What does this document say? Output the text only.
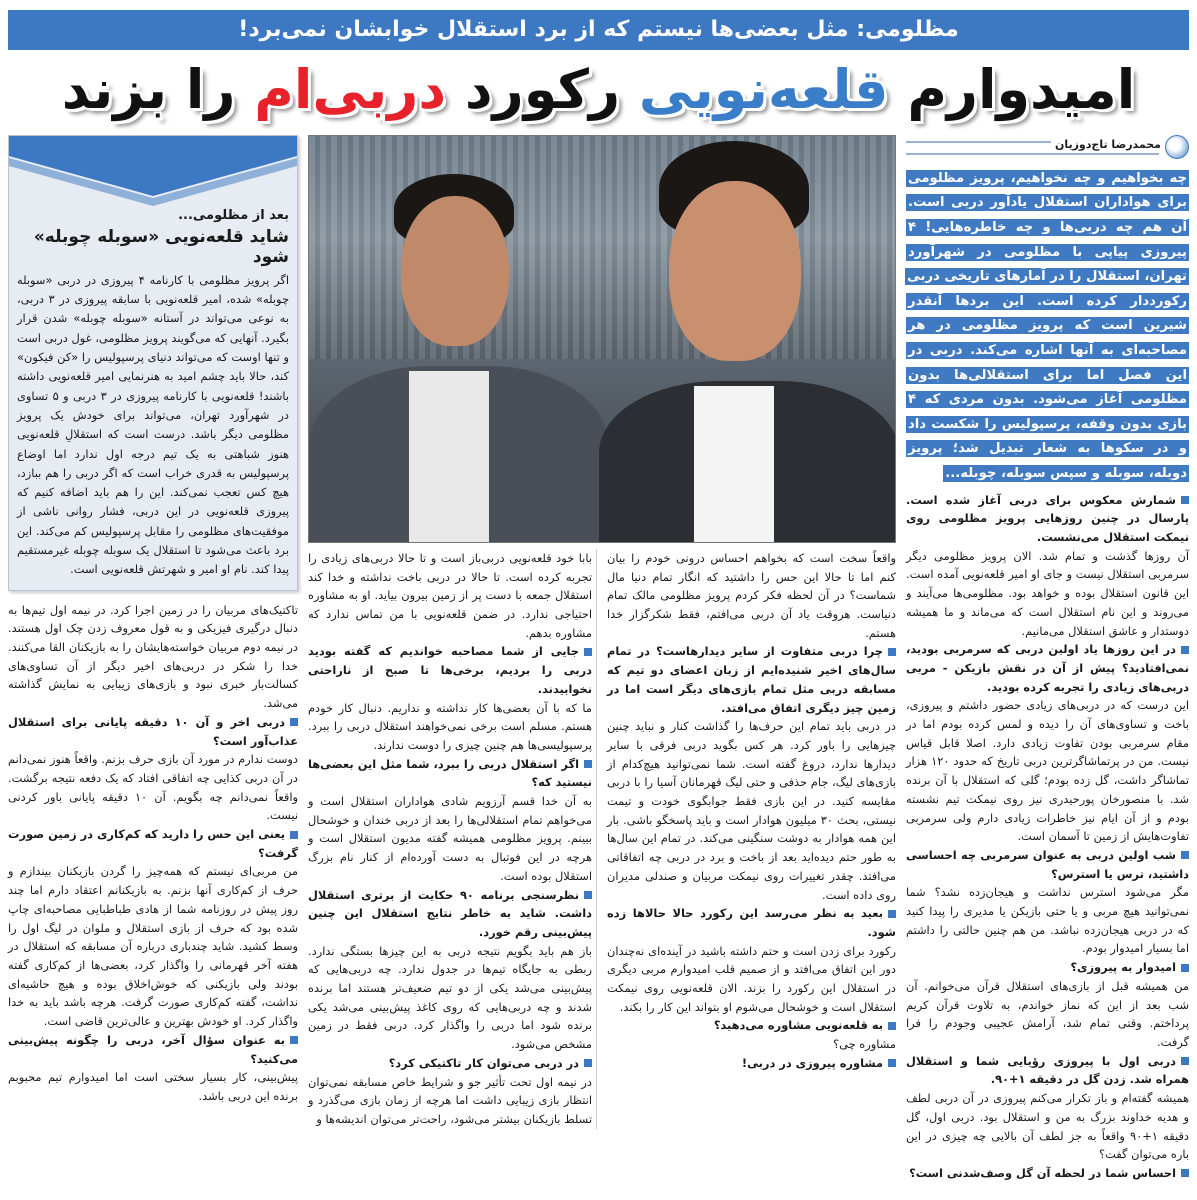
مظلومی: مثل بعضی‌ها نیستم که از برد استقلال خوابشان نمی‌برد!
امیدوارم قلعه‌نویی رکورد دربی‌ام را بزند
محمدرضا تاج‌دوزیان
چه بخواهیم و چه نخواهیم، پرویز مظلومی برای هواداران استقلال یادآور دربی است. آن هم چه دربی‌ها و چه خاطره‌هایی! ۴ پیروزی پیاپی با مظلومی در شهرآورد تهران، استقلال را در آمارهای تاریخی دربی رکورددار کرده است. این بردها آنقدر شیرین است که پرویز مظلومی در هر مصاحبه‌ای به آنها اشاره می‌کند. دربی در این فصل اما برای استقلالی‌ها بدون مظلومی آغاز می‌شود. بدون مردی که ۴ بازی بدون وقفه، پرسپولیس را شکست داد و در سکوها به شعار تبدیل شد؛ پرویز دوبله، سوبله و سپس سوبله، چوبله...

شمارش معکوس برای دربی آغاز شده است. پارسال در چنین روزهایی پرویز مظلومی روی نیمکت استقلال می‌نشست.

آن روزها گذشت و تمام شد. الان پرویز مظلومی دیگر سرمربی استقلال نیست و جای او امیر قلعه‌نویی آمده است. این قانون استقلال بوده و خواهد بود. مظلومی‌ها می‌آیند و می‌روند و این نام استقلال است که می‌ماند و ما همیشه دوستدار و عاشق استقلال می‌مانیم.

در این روزها یاد اولین دربی که سرمربی بودید، نمی‌افتادید؟ پیش از آن در نقش بازیکن - مربی دربی‌های زیادی را تجربه کرده بودید.

این درست که در دربی‌های زیادی حضور داشتم و پیروزی، باخت و تساوی‌های آن را دیده و لمس کرده بودم اما در مقام سرمربی بودن تفاوت زیادی دارد. اصلا قابل قیاس نیست. من در پرتماشاگرترین دربی تاریخ که حدود ۱۲۰ هزار تماشاگر داشت، گل زده بودم؛ گلی که استقلال با آن برنده شد. با منصورخان پورحیدری نیز روی نیمکت تیم نشسته بودم و از آن ایام نیز خاطرات زیادی دارم ولی سرمربی تفاوت‌هایش از زمین تا آسمان است.

شب اولین دربی به عنوان سرمربی چه احساسی داشتید، ترس یا استرس؟

مگر می‌شود استرس نداشت و هیجان‌زده نشد؟ شما نمی‌توانید هیچ مربی و یا حتی بازیکن یا مدیری را پیدا کنید که در دربی هیجان‌زده نباشد. من هم چنین حالتی را داشتم اما بسیار امیدوار بودم.

امیدوار به پیروزی؟

من همیشه قبل از بازی‌های استقلال قرآن می‌خوانم. آن شب بعد از این که نماز خواندم، به تلاوت قرآن کریم پرداختم. وقتی تمام شد، آرامش عجیبی وجودم را فرا گرفت.

دربی اول با پیروزی رؤیایی شما و استقلال همراه شد. زدن گل در دقیقه ۱+۹۰.

همیشه گفته‌ام و باز تکرار می‌کنم پیروزی در آن دربی لطف و هدیه خداوند بزرگ به من و استقلال بود. دربی اول، گل دقیقه ۱+۹۰ واقعاً به جز لطف آن بالایی چه چیزی در این باره می‌توان گفت؟

احساس شما در لحظه آن گل وصف‌شدنی است؟

واقعاً سخت است که بخواهم احساس درونی خودم را بیان کنم اما تا حالا این حس را داشتید که انگار تمام دنیا مال شماست؟ در آن لحظه فکر کردم پرویز مظلومی مالک تمام دنیاست. هروقت یاد آن دربی می‌افتم، فقط شکرگزار خدا هستم.

چرا دربی متفاوت از سایر دیدارهاست؟ در تمام سال‌های اخیر شنیده‌ایم از زبان اعضای دو تیم که مسابقه دربی مثل تمام بازی‌های دیگر است اما در زمین چیز دیگری اتفاق می‌افتد.

در دربی باید تمام این حرف‌ها را گذاشت کنار و نباید چنین چیزهایی را باور کرد. هر کس بگوید دربی فرقی با سایر دیدارها ندارد، دروغ گفته است. شما نمی‌توانید هیچ‌کدام از بازی‌های لیگ، جام حذفی و حتی لیگ قهرمانان آسیا را با دربی مقایسه کنید. در این بازی فقط جوابگوی خودت و تیمت نیستی، بحث ۳۰ میلیون هوادار است و باید پاسخگو باشی. بار این همه هوادار به دوشت سنگینی می‌کند. در تمام این سال‌ها به طور حتم دیده‌اید بعد از باخت و برد در دربی چه اتفاقاتی می‌افتد. چقدر تغییرات روی نیمکت مربیان و صندلی مدیران روی داده است.

بعید به نظر می‌رسد این رکورد حالا حالاها زده شود.

رکورد برای زدن است و حتم داشته باشید در آینده‌ای نه‌چندان دور این اتفاق می‌افتد و از صمیم قلب امیدوارم مربی دیگری در استقلال این رکورد را بزند. الان قلعه‌نویی روی نیمکت استقلال است و خوشحال می‌شوم او بتواند این کار را بکند.

به قلعه‌نویی مشاوره می‌دهید؟

مشاوره چی؟

مشاوره پیروزی در دربی!

بابا خود قلعه‌نویی دربی‌باز است و تا حالا دربی‌های زیادی را تجربه کرده است. تا حالا در دربی باخت نداشته و خدا کند استقلال جمعه با دست پر از زمین بیرون بیاید. او به مشاوره احتیاجی ندارد. در ضمن قلعه‌نویی با من تماس ندارد که مشاوره بدهم.

جایی از شما مصاحبه خواندیم که گفته بودید دربی را بردیم، برخی‌ها تا صبح از ناراحتی نخوابیدند.

ما که با آن بعضی‌ها کار نداشته و نداریم. دنبال کار خودم هستم. مسلم است برخی نمی‌خواهند استقلال دربی را ببرد. پرسپولیسی‌ها هم چنین چیزی را دوست ندارند.

اگر استقلال دربی را ببرد، شما مثل این بعضی‌ها نیستید که؟

به آن خدا قسم آرزویم شادی هواداران استقلال است و می‌خواهم تمام استقلالی‌ها را بعد از دربی خندان و خوشحال ببینم. پرویز مظلومی همیشه گفته مدیون استقلال است و هرچه در این فوتبال به دست آورده‌ام از کنار نام بزرگ استقلال بوده است.

نظرسنجی برنامه ۹۰ حکایت از برتری استقلال داشت. شاید به خاطر نتایج استقلال این چنین پیش‌بینی رقم خورد.

باز هم باید بگویم نتیجه دربی به این چیزها بستگی ندارد. ربطی به جایگاه تیم‌ها در جدول ندارد. چه دربی‌هایی که پیش‌بینی می‌شد یکی از دو تیم ضعیف‌تر هستند اما برنده شدند و چه دربی‌هایی که روی کاغذ پیش‌بینی می‌شد یکی برنده شود اما دربی را واگذار کرد. دربی فقط در زمین مشخص می‌شود.

در دربی می‌توان کار تاکتیکی کرد؟

در نیمه اول تحت تأثیر جو و شرایط خاص مسابقه نمی‌توان انتظار بازی زیبایی داشت اما هرچه از زمان بازی می‌گذرد و تسلط بازیکنان بیشتر می‌شود، راحت‌تر می‌توان اندیشه‌ها و

بعد از مظلومی...
شاید قلعه‌نویی «سوبله چوبله» شود
اگر پرویز مظلومی با کارنامه ۴ پیروزی در دربی «سوبله چوبله» شده، امیر قلعه‌نویی با سابقه پیروزی در ۳ دربی، به نوعی می‌تواند در آستانه «سوبله چوبله» شدن قرار بگیرد. آنهایی که می‌گویند پرویز مظلومی، غول دربی است و تنها اوست که می‌تواند دنیای پرسپولیس را «کن فیکون» کند، حالا باید چشم امید به هنرنمایی امیر قلعه‌نویی داشته باشند! قلعه‌نویی با کارنامه پیروزی در ۳ دربی و ۵ تساوی در شهرآورد تهران، می‌تواند برای خودش یک پرویز مظلومی دیگر باشد. درست است که استقلالِ قلعه‌نویی هنوز شباهتی به یک تیم درجه اول ندارد اما اوضاع پرسپولیس به قدری خراب است که اگر دربی را هم ببازد، هیچ کس تعجب نمی‌کند. این را هم باید اضافه کنیم که پیروزی قلعه‌نویی در این دربی، فشار روانی ناشی از موفقیت‌های مظلومی را مقابل پرسپولیس کم می‌کند. این برد باعث می‌شود تا استقلال یک سوبله چوبله غیرمستقیم پیدا کند. نام او امیر و شهرتش قلعه‌نویی است.

تاکتیک‌های مربیان را در زمین اجرا کرد. در نیمه اول تیم‌ها به دنبال درگیری فیزیکی و به قول معروف زدن چک اول هستند. در نیمه دوم مربیان خواسته‌هایشان را به بازیکنان القا می‌کنند. خدا را شکر در دربی‌های اخیر دیگر از آن تساوی‌های کسالت‌بار خبری نبود و بازی‌های زیبایی به نمایش گذاشته می‌شد.

دربی اخر و آن ۱۰ دقیقه پایانی برای استقلال عذاب‌آور است؟

دوست ندارم در مورد آن بازی حرف بزنم. واقعاً هنوز نمی‌دانم در آن دربی کذایی چه اتفاقی افتاد که یک دفعه نتیجه برگشت. واقعاً نمی‌دانم چه بگویم. آن ۱۰ دقیقه پایانی باور کردنی نیست.

یعنی این حس را دارید که کم‌کاری در زمین صورت گرفت؟

من مربی‌ای نیستم که همه‌چیز را گردن بازیکنان بیندازم و حرف از کم‌کاری آنها بزنم. به بازیکنانم اعتقاد دارم اما چند روز پیش در روزنامه شما از هادی طباطبایی مصاحبه‌ای چاپ شده بود که حرف از بازی استقلال و ملوان در لیگ اول را وسط کشید. شاید چندباری درباره آن مسابقه که استقلال در هفته آخر قهرمانی را واگذار کرد، بعضی‌ها از کم‌کاری گفته بودند ولی بازیکنی که خوش‌اخلاق بوده و هیچ حاشیه‌ای نداشت، گفته کم‌کاری صورت گرفت. هرچه باشد باید به خدا واگذار کرد. او خودش بهترین و عالی‌ترین قاضی است.

به عنوان سؤال آخر، دربی را چگونه پیش‌بینی می‌کنید؟

پیش‌بینی، کار بسیار سختی است اما امیدوارم تیم محبوبم برنده این دربی باشد.
